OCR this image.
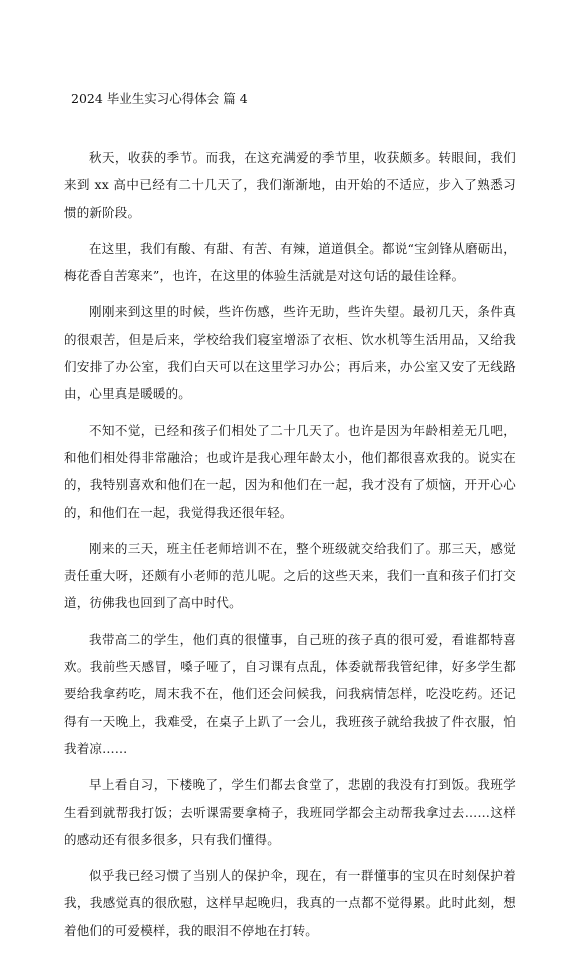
2024 毕业生实习心得体会 篇 4

秋天，收获的季节。而我，在这充满爱的季节里，收获颇多。转眼间，我们来到 xx 高中已经有二十几天了，我们渐渐地，由开始的不适应，步入了熟悉习惯的新阶段。

在这里，我们有酸、有甜、有苦、有辣，道道俱全。都说“宝剑锋从磨砺出，梅花香自苦寒来”，也许，在这里的体验生活就是对这句话的最佳诠释。

刚刚来到这里的时候，些许伤感，些许无助，些许失望。最初几天，条件真的很艰苦，但是后来，学校给我们寝室增添了衣柜、饮水机等生活用品，又给我们安排了办公室，我们白天可以在这里学习办公；再后来，办公室又安了无线路由，心里真是暖暖的。

不知不觉，已经和孩子们相处了二十几天了。也许是因为年龄相差无几吧，和他们相处得非常融洽；也或许是我心理年龄太小，他们都很喜欢我的。说实在的，我特别喜欢和他们在一起，因为和他们在一起，我才没有了烦恼，开开心心的，和他们在一起，我觉得我还很年轻。

刚来的三天，班主任老师培训不在，整个班级就交给我们了。那三天，感觉责任重大呀，还颇有小老师的范儿呢。之后的这些天来，我们一直和孩子们打交道，彷佛我也回到了高中时代。

我带高二的学生，他们真的很懂事，自己班的孩子真的很可爱，看谁都特喜欢。我前些天感冒，嗓子哑了，自习课有点乱，体委就帮我管纪律，好多学生都要给我拿药吃，周末我不在，他们还会问候我，问我病情怎样，吃没吃药。还记得有一天晚上，我难受，在桌子上趴了一会儿，我班孩子就给我披了件衣服，怕我着凉……

早上看自习，下楼晚了，学生们都去食堂了，悲剧的我没有打到饭。我班学生看到就帮我打饭；去听课需要拿椅子，我班同学都会主动帮我拿过去……这样的感动还有很多很多，只有我们懂得。

似乎我已经习惯了当别人的保护伞，现在，有一群懂事的宝贝在时刻保护着我，我感觉真的很欣慰，这样早起晚归，我真的一点都不觉得累。此时此刻，想着他们的可爱模样，我的眼泪不停地在打转。
